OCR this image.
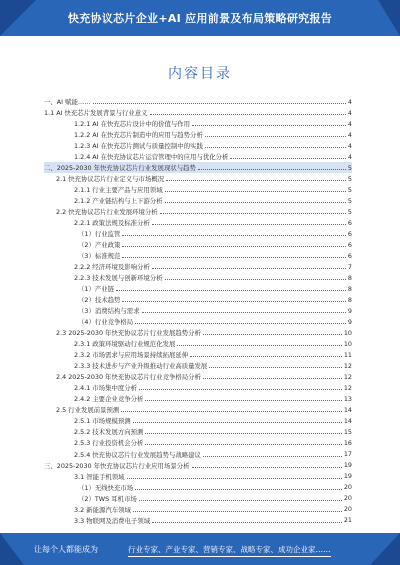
快充协议芯片企业+AI 应用前景及布局策略研究报告
内容目录
一、AI 赋能……	4
1.1 AI 快充芯片发展背景与行业意义	4
1.2.1 AI 在快充芯片设计中的价值与作用	4
1.2.2 AI 在快充芯片制造中的应用与趋势分析	4
1.2.3 AI 在快充芯片测试与质量控制中的实践	4
1.2.4 AI 在快充协议芯片运营管理中的应用与优化分析	4
二、2025-2030 年快充协议芯片行业发展现状与趋势	5
2.1 快充协议芯片行业定义与市场概况	5
2.1.1 行业主要产品与应用领域	5
2.1.2 产业链结构与上下游分析	5
2.2 快充协议芯片行业发展环境分析	5
2.2.1 政策法规及标准分析	6
（1）行业监管	6
（2）产业政策	6
（3）标准规范	6
2.2.2 经济环境及影响分析	7
2.2.3 技术发展与创新环境分析	8
（1）产业链	8
（2）技术趋势	8
（3）消费结构与需求	9
（4）行业竞争格局	9
2.3 2025-2030 年快充协议芯片行业发展趋势分析	10
2.3.1 政策环境驱动行业规范化发展	10
2.3.2 市场需求与应用场景持续拓展延伸	11
2.3.3 技术进步与产业升级推动行业高质量发展	12
2.4 2025-2030 年快充协议芯片行业竞争格局分析	12
2.4.1 市场集中度分析	12
2.4.2 主要企业竞争分析	13
2.5 行业发展前景预测	14
2.5.1 市场规模预测	14
2.5.2 技术发展方向预测	15
2.5.3 行业投资机会分析	16
2.5.4 快充协议芯片行业发展趋势与战略建议	17
三、2025-2030 年快充协议芯片行业应用场景分析	19
3.1 智能手机领域	19
（1）无线快充市场	20
（2）TWS 耳机市场	20
3.2 新能源汽车领域	20
3.3 物联网及消费电子领域	21
让每个人都能成为	行业专家、产业专家、营销专家、战略专家、成功企业家……
